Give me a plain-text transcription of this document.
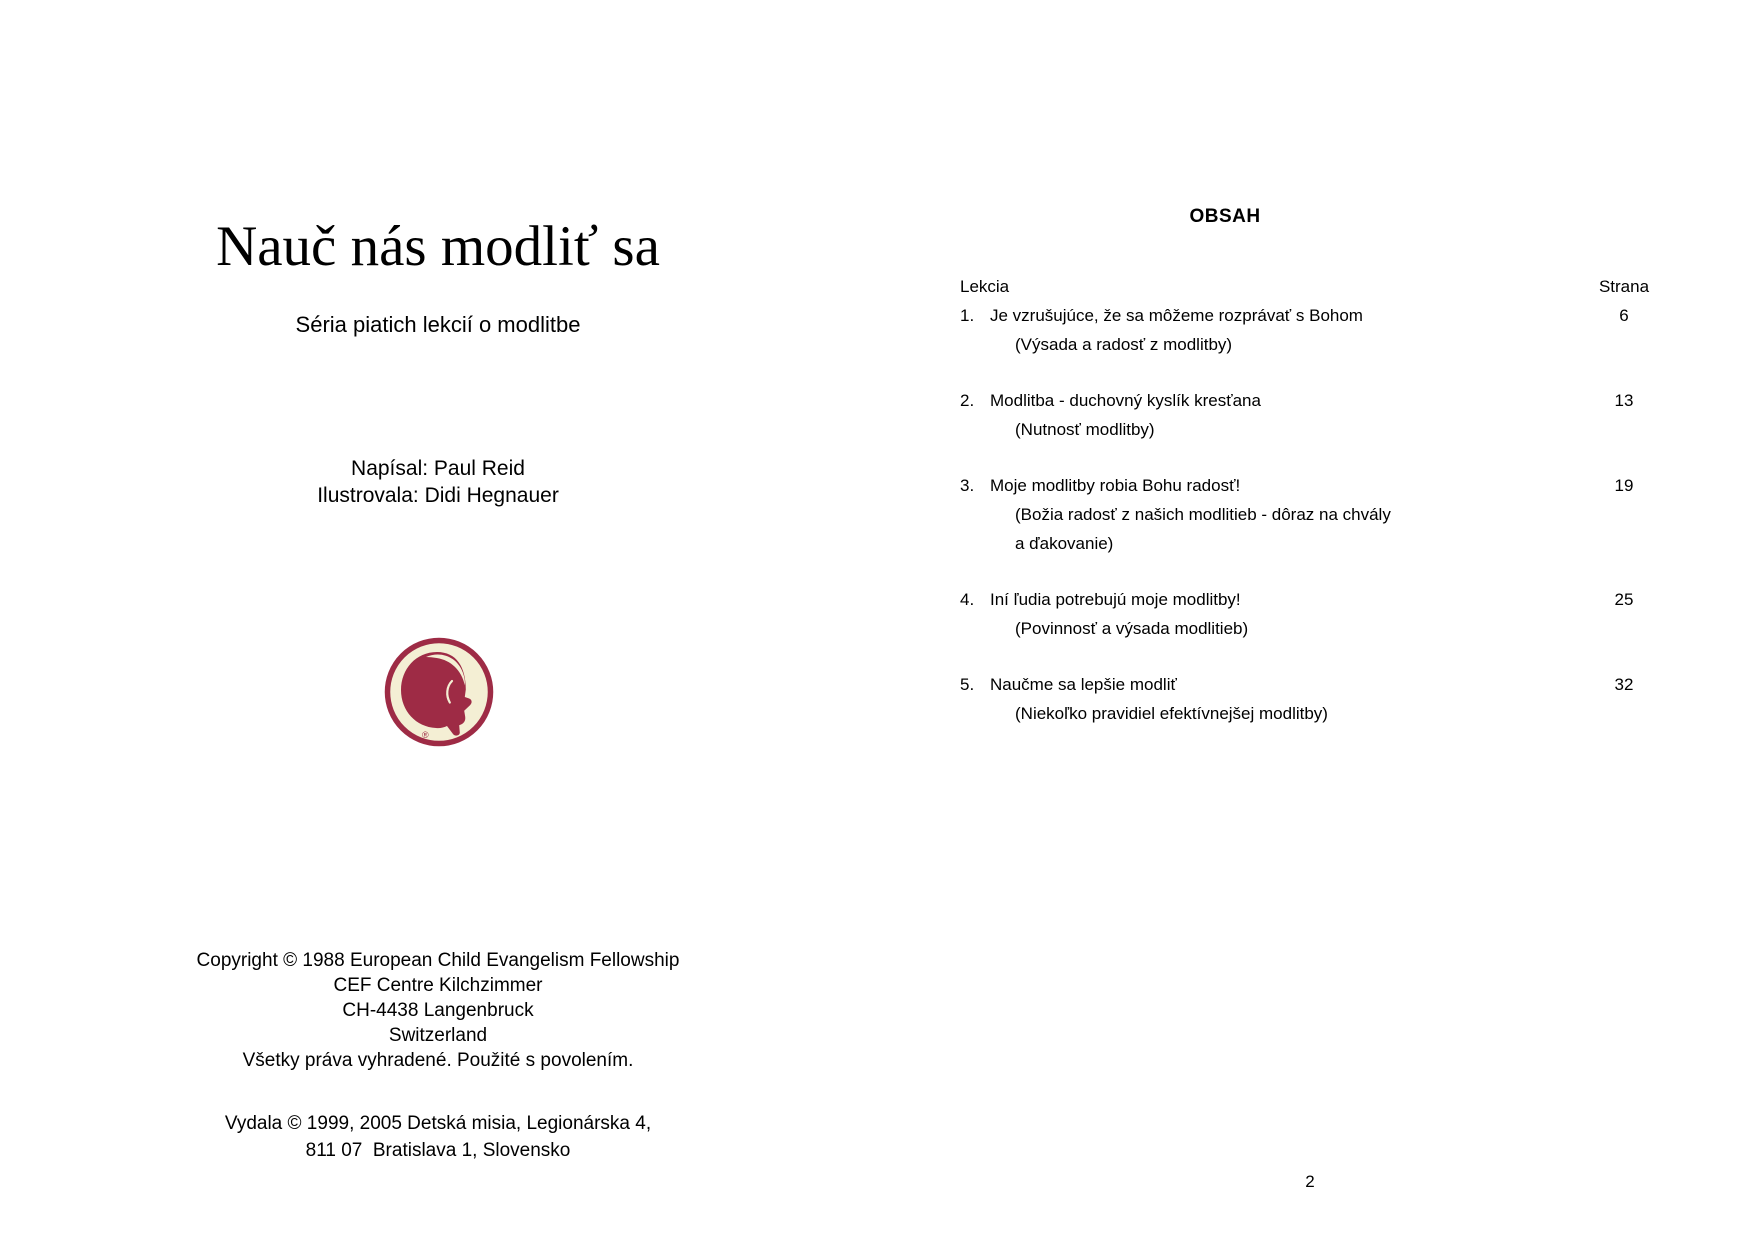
Nauč nás modliť sa

Séria piatich lekcií o modlitbe

Napísal: Paul Reid

Ilustrovala: Didi Hegnauer

®

Copyright © 1988 European Child Evangelism Fellowship

CEF Centre Kilchzimmer

CH-4438 Langenbruck

Switzerland

Všetky práva vyhradené. Použité s povolením.

Vydala © 1999, 2005 Detská misia, Legionárska 4,

811 07  Bratislava 1, Slovensko

OBSAH
Lekcia	Strana
1. Je vzrušujúce, že sa môžeme rozprávať s Bohom	6
(Výsada a radosť z modlitby)
2. Modlitba - duchovný kyslík kresťana	13
(Nutnosť modlitby)
3. Moje modlitby robia Bohu radosť!	19
(Božia radosť z našich modlitieb - dôraz na chvály
a ďakovanie)
4. Iní ľudia potrebujú moje modlitby!	25
(Povinnosť a výsada modlitieb)
5. Naučme sa lepšie modliť	32
(Niekoľko pravidiel efektívnejšej modlitby)
2
